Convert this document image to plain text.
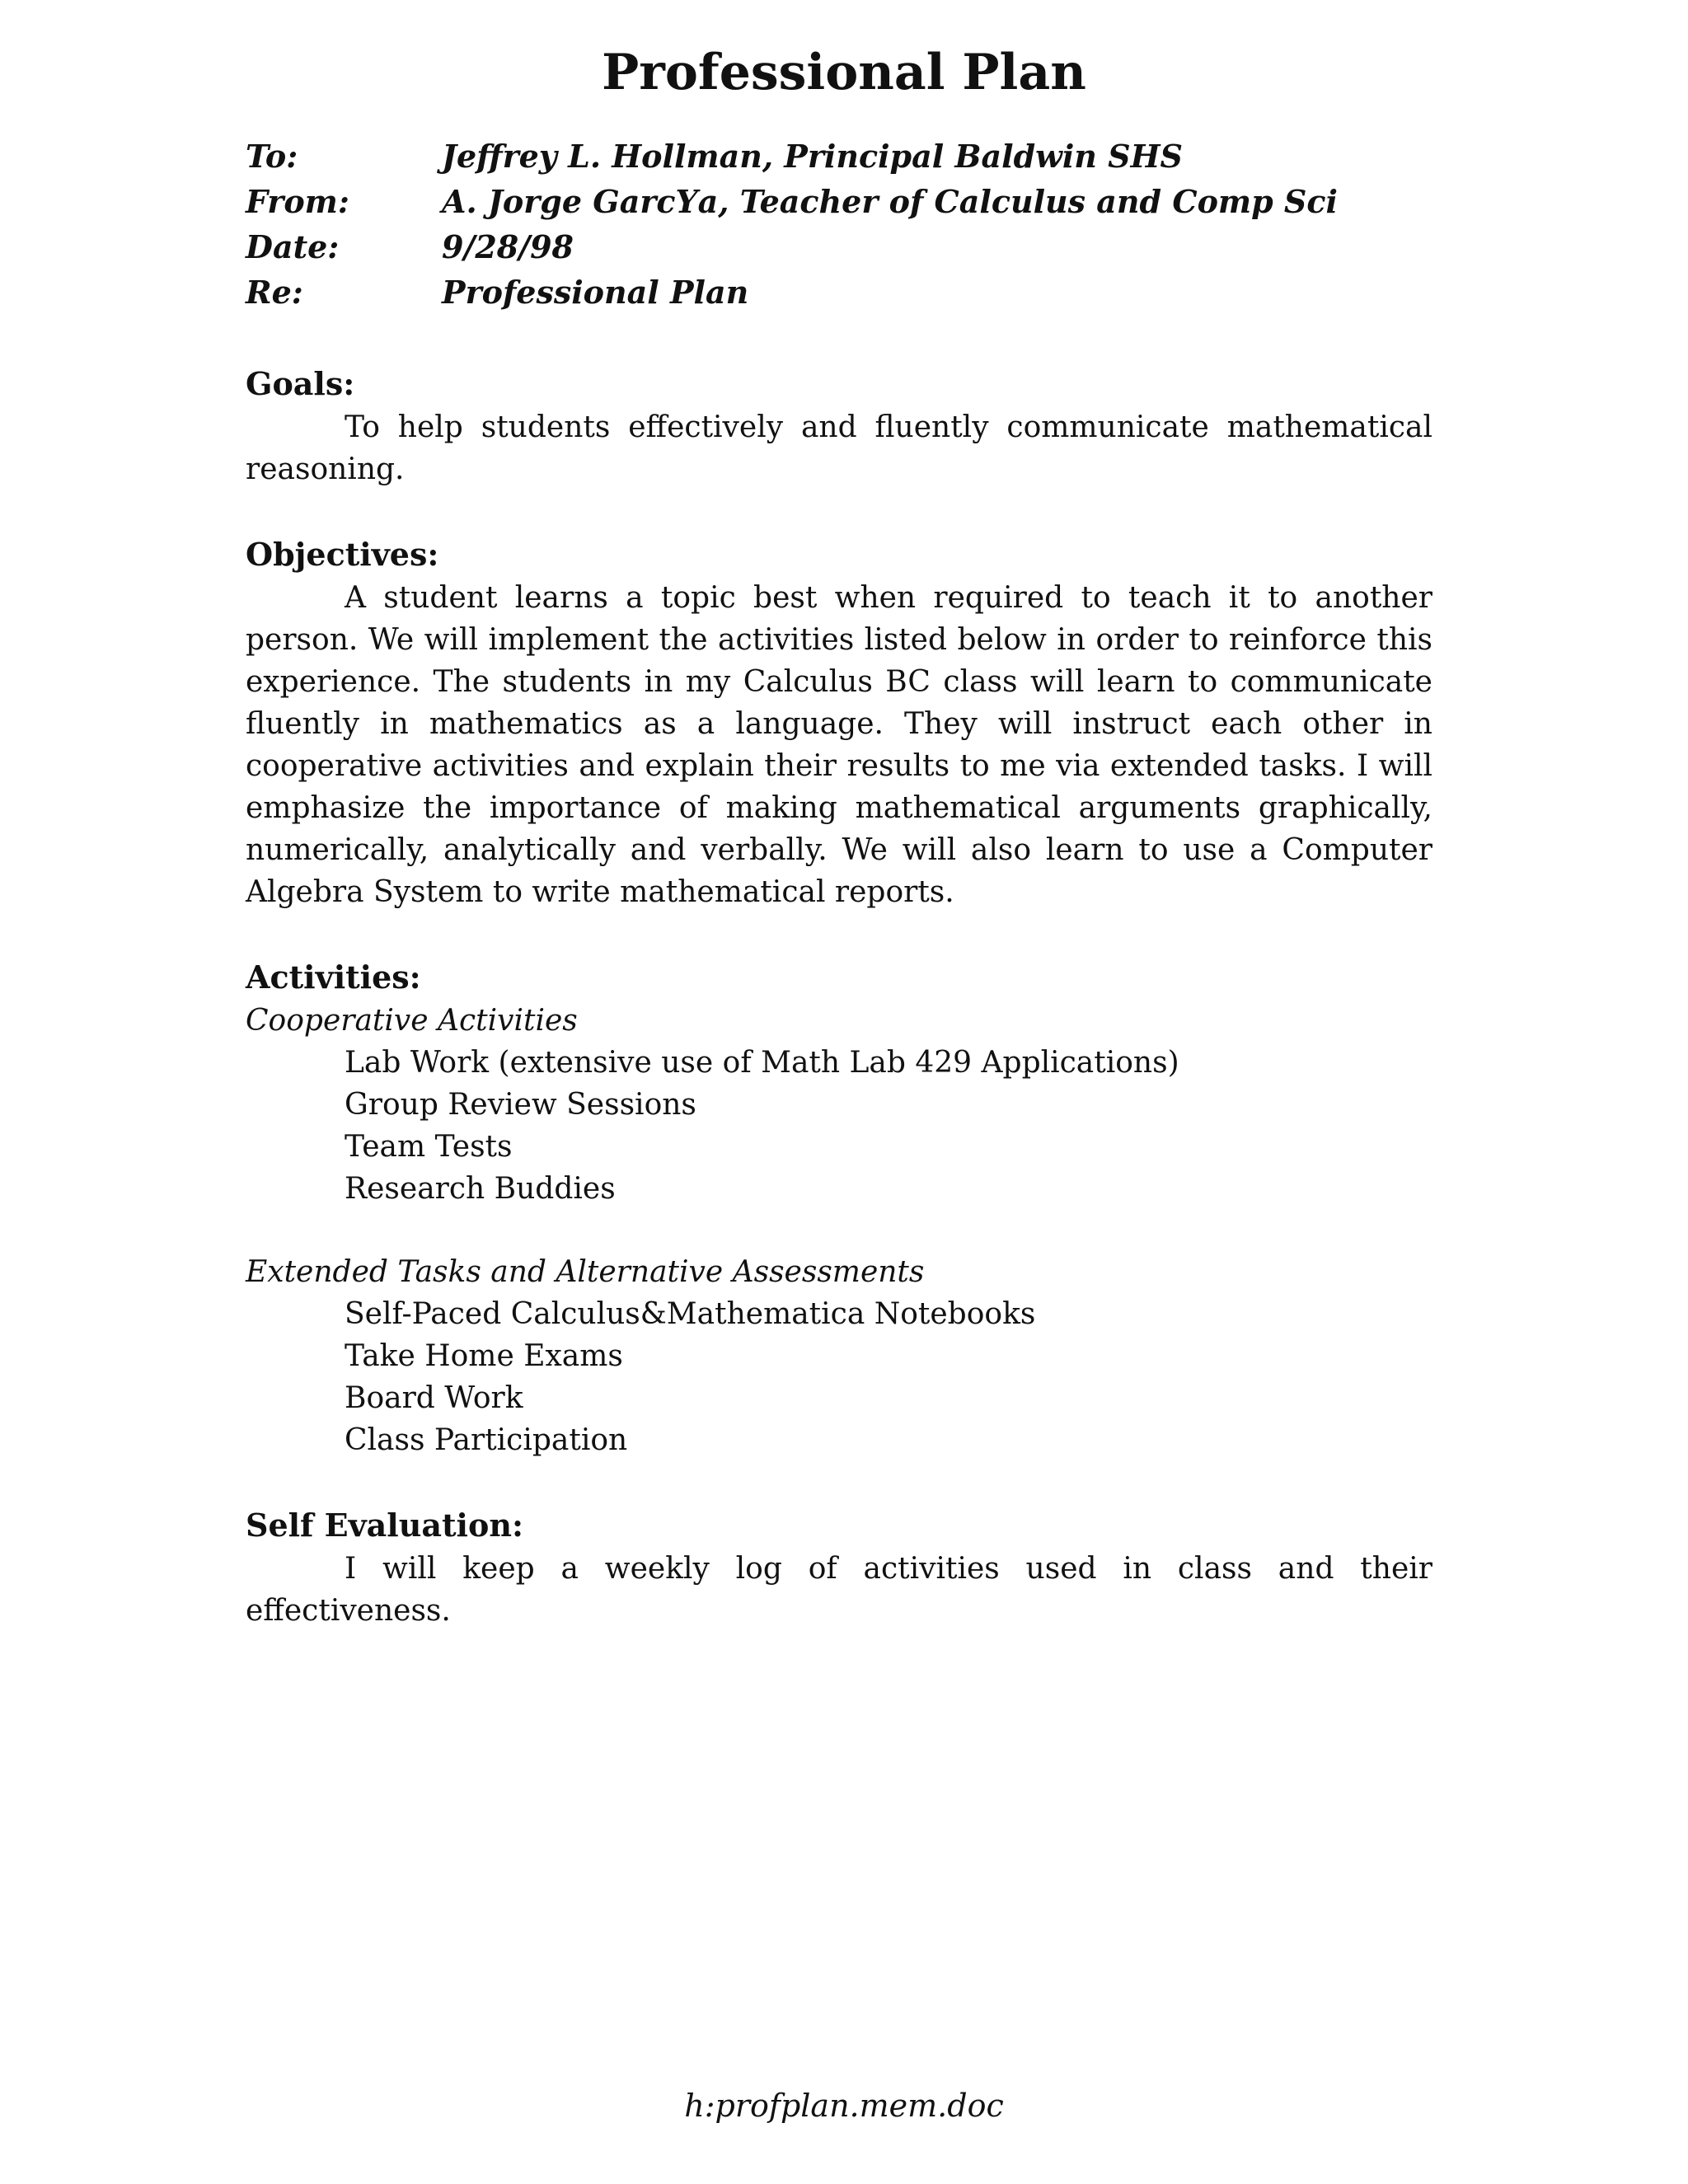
Professional Plan
To:	Jeffrey L. Hollman, Principal Baldwin SHS
From:	A. Jorge GarcΥa, Teacher of Calculus and Comp Sci
Date:	9/28/98
Re:	Professional Plan

Goals:

To help students effectively and fluently communicate mathematical reasoning.

Objectives:

A student learns a topic best when required to teach it to another person. We will implement the activities listed below in order to reinforce this experience. The students in my Calculus BC class will learn to communicate fluently in mathematics as a language. They will instruct each other in cooperative activities and explain their results to me via extended tasks. I will emphasize the importance of making mathematical arguments graphically, numerically, analytically and verbally. We will also learn to use a Computer Algebra System to write mathematical reports.

Activities:

Cooperative Activities

Lab Work (extensive use of Math Lab 429 Applications)
Group Review Sessions
Team Tests
Research Buddies

Extended Tasks and Alternative Assessments

Self-Paced Calculus&Mathematica Notebooks
Take Home Exams
Board Work
Class Participation

Self Evaluation:

I will keep a weekly log of activities used in class and their effectiveness.

h:profplan.mem.doc
